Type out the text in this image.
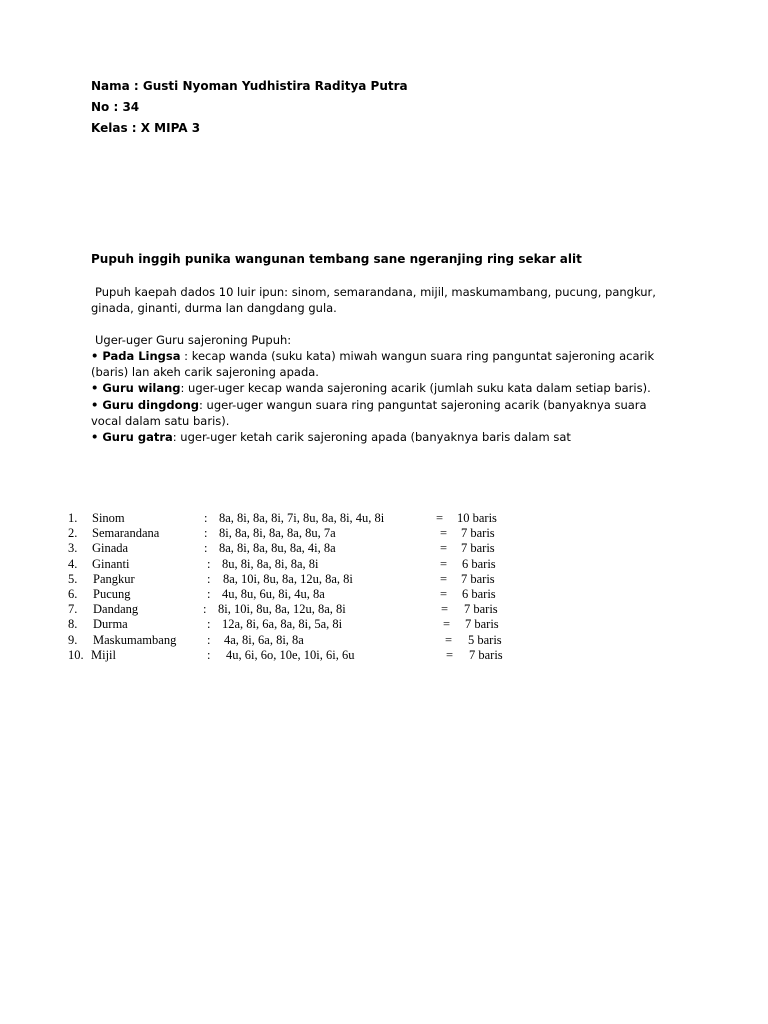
Nama : Gusti Nyoman Yudhistira Raditya Putra
No : 34
Kelas : X MIPA 3
Pupuh inggih punika wangunan tembang sane ngeranjing ring sekar alit
Pupuh kaepah dados 10 luir ipun: sinom, semarandana, mijil, maskumambang, pucung, pangkur,
ginada, ginanti, durma lan dangdang gula.
Uger-uger Guru sajeroning Pupuh:
• Pada Lingsa : kecap wanda (suku kata) miwah wangun suara ring panguntat sajeroning acarik
(baris) lan akeh carik sajeroning apada.
• Guru wilang: uger-uger kecap wanda sajeroning acarik (jumlah suku kata dalam setiap baris).
• Guru dingdong: uger-uger wangun suara ring panguntat sajeroning acarik (banyaknya suara
vocal dalam satu baris).
• Guru gatra: uger-uger ketah carik sajeroning apada (banyaknya baris dalam sat
1. Sinom	: 8a, 8i, 8a, 8i, 7i, 8u, 8a, 8i, 4u, 8i	= 10 baris
2. Semarandana	: 8i, 8a, 8i, 8a, 8a, 8u, 7a	= 7 baris
3. Ginada	: 8a, 8i, 8a, 8u, 8a, 4i, 8a	= 7 baris
4. Ginanti	: 8u, 8i, 8a, 8i, 8a, 8i	= 6 baris
5. Pangkur	: 8a, 10i, 8u, 8a, 12u, 8a, 8i	= 7 baris
6. Pucung	: 4u, 8u, 6u, 8i, 4u, 8a	= 6 baris
7. Dandang	: 8i, 10i, 8u, 8a, 12u, 8a, 8i	= 7 baris
8. Durma	: 12a, 8i, 6a, 8a, 8i, 5a, 8i	= 7 baris
9. Maskumambang : 4a, 8i, 6a, 8i, 8a	= 5 baris
10. Mijil	: 4u, 6i, 6o, 10e, 10i, 6i, 6u	= 7 baris
